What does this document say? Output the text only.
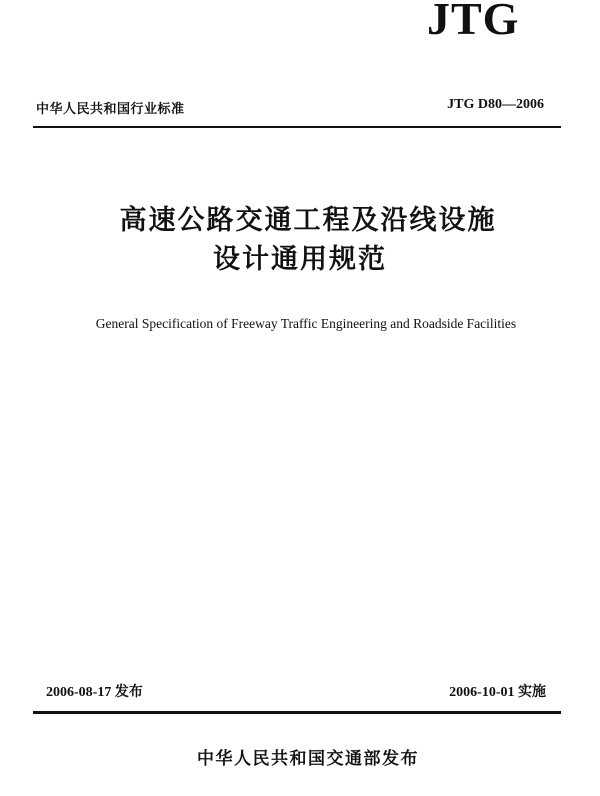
JTG
中华人民共和国行业标准	JTG D80—2006
高速公路交通工程及沿线设施
设计通用规范
General Specification of Freeway Traffic Engineering and Roadside Facilities
2006-08-17 发布	2006-10-01 实施
中华人民共和国交通部发布
